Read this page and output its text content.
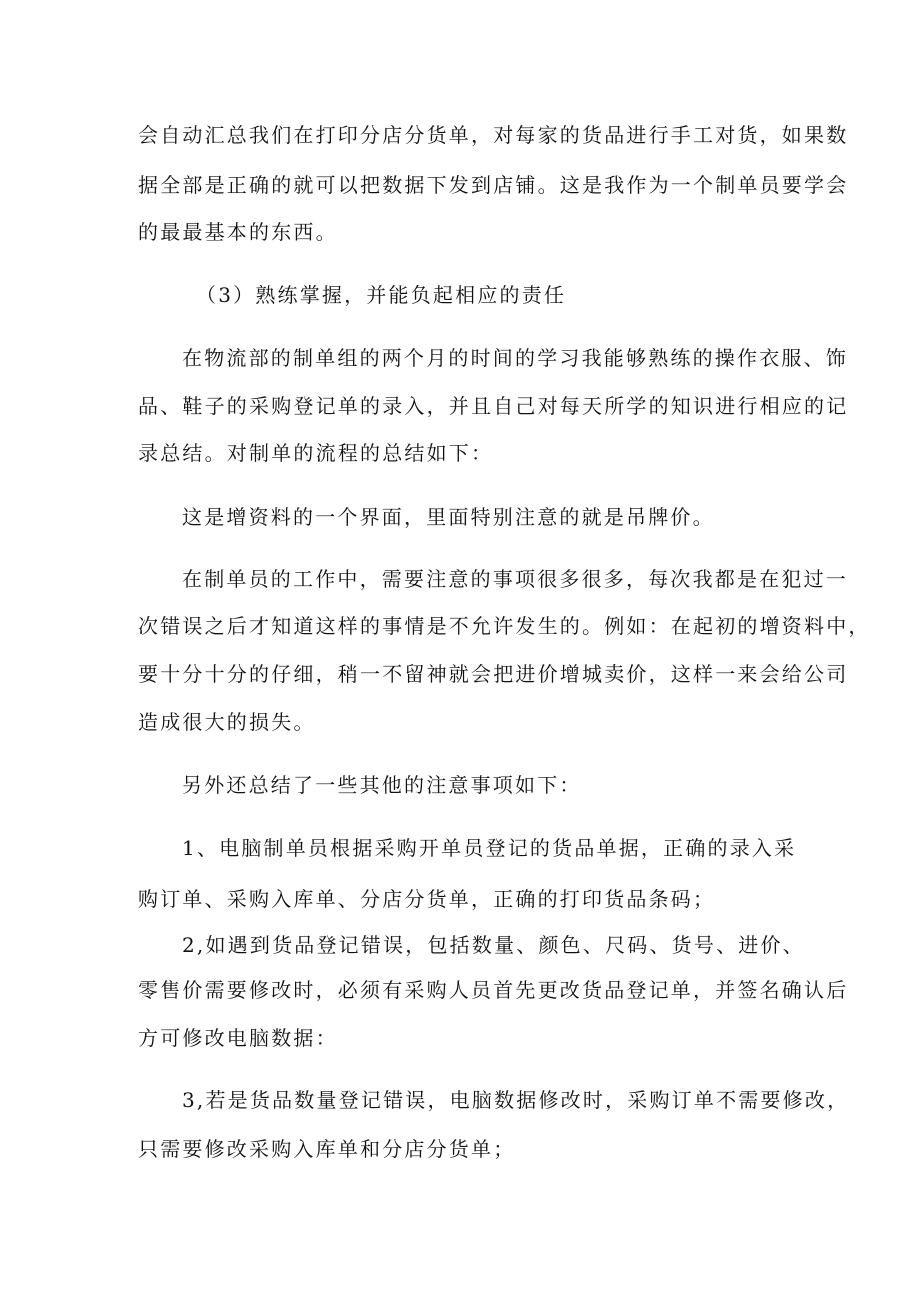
会自动汇总我们在打印分店分货单，对每家的货品进行手工对货，如果数
据全部是正确的就可以把数据下发到店铺。这是我作为一个制单员要学会
的最最基本的东西。
（3）熟练掌握，并能负起相应的责任
在物流部的制单组的两个月的时间的学习我能够熟练的操作衣服、饰
品、鞋子的采购登记单的录入，并且自己对每天所学的知识进行相应的记
录总结。对制单的流程的总结如下：
这是增资料的一个界面，里面特别注意的就是吊牌价。
在制单员的工作中，需要注意的事项很多很多，每次我都是在犯过一
次错误之后才知道这样的事情是不允许发生的。例如：在起初的增资料中，
要十分十分的仔细，稍一不留神就会把进价增城卖价，这样一来会给公司
造成很大的损失。
另外还总结了一些其他的注意事项如下：
1、电脑制单员根据采购开单员登记的货品单据，正确的录入采
购订单、采购入库单、分店分货单，正确的打印货品条码；
2,如遇到货品登记错误，包括数量、颜色、尺码、货号、进价、
零售价需要修改时，必须有采购人员首先更改货品登记单，并签名确认后
方可修改电脑数据：
3,若是货品数量登记错误，电脑数据修改时，采购订单不需要修改，
只需要修改采购入库单和分店分货单；
